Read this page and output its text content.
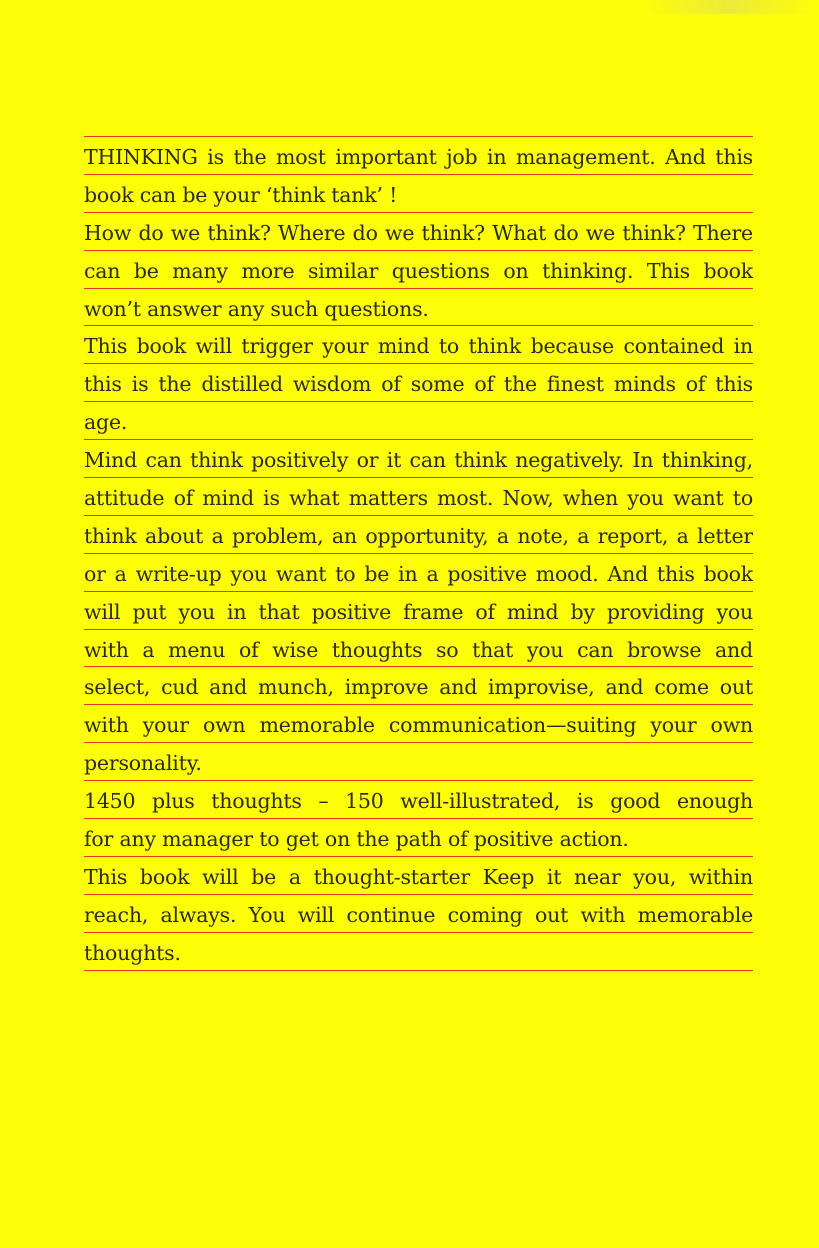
THINKING is the most important job in management. And this
book can be your ‘think tank’ !
How do we think? Where do we think? What do we think? There
can be many more similar questions on thinking. This book
won’t answer any such questions.
This book will trigger your mind to think because contained in
this is the distilled wisdom of some of the finest minds of this
age.
Mind can think positively or it can think negatively. In thinking,
attitude of mind is what matters most. Now, when you want to
think about a problem, an opportunity, a note, a report, a letter
or a write-up you want to be in a positive mood. And this book
will put you in that positive frame of mind by providing you
with a menu of wise thoughts so that you can browse and
select, cud and munch, improve and improvise, and come out
with your own memorable communication—suiting your own
personality.
1450 plus thoughts – 150 well-illustrated, is good enough
for any manager to get on the path of positive action.
This book will be a thought-starter Keep it near you, within
reach, always. You will continue coming out with memorable
thoughts.
